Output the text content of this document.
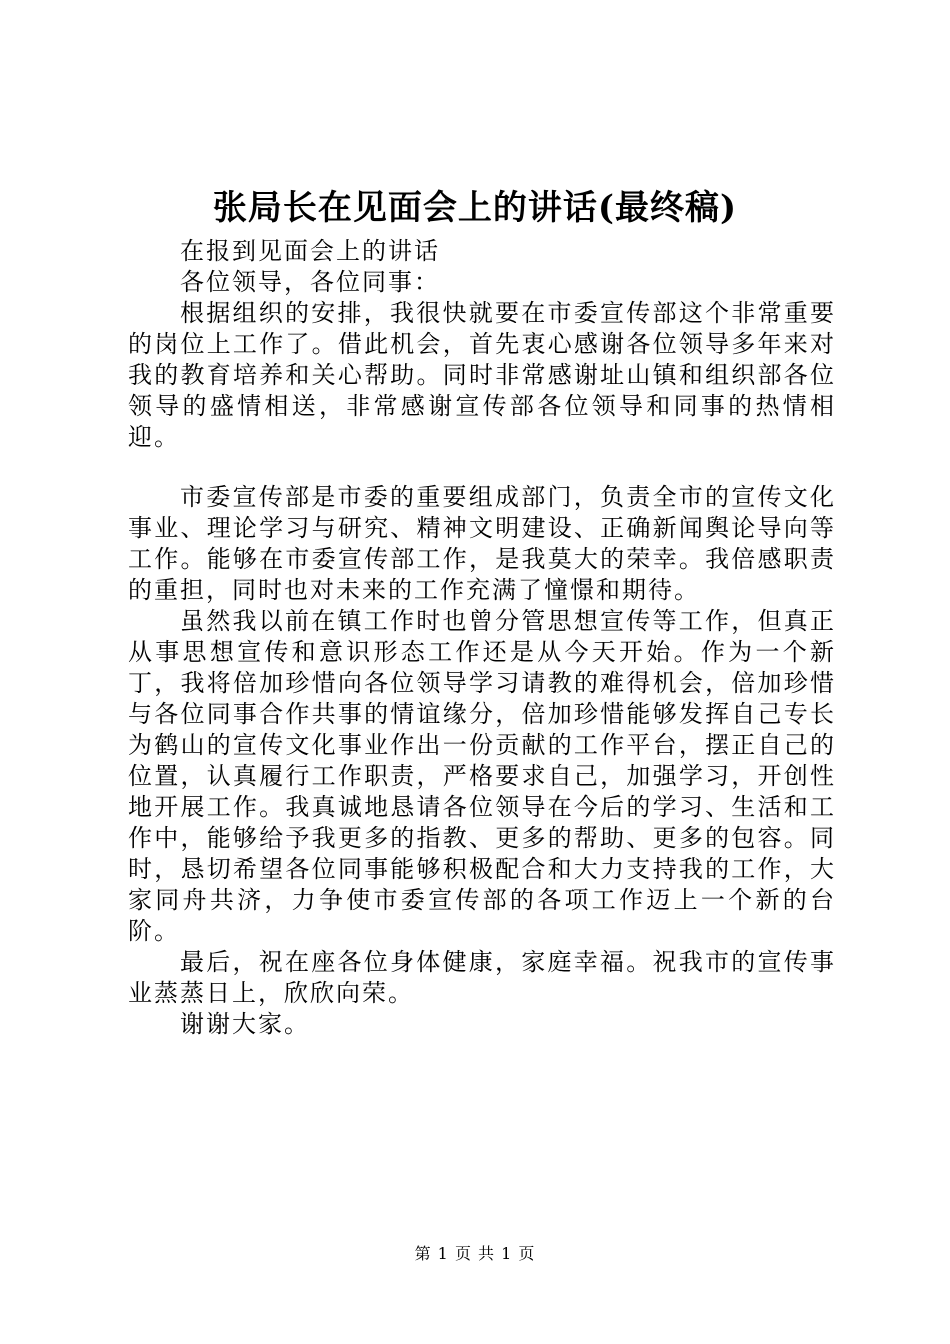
张局长在见面会上的讲话(最终稿)

在报到见面会上的讲话

各位领导，各位同事：

根据组织的安排，我很快就要在市委宣传部这个非常重要的岗位上工作了。借此机会，首先衷心感谢各位领导多年来对我的教育培养和关心帮助。同时非常感谢址山镇和组织部各位领导的盛情相送，非常感谢宣传部各位领导和同事的热情相迎。

市委宣传部是市委的重要组成部门，负责全市的宣传文化事业、理论学习与研究、精神文明建设、正确新闻舆论导向等工作。能够在市委宣传部工作，是我莫大的荣幸。我倍感职责的重担，同时也对未来的工作充满了憧憬和期待。

虽然我以前在镇工作时也曾分管思想宣传等工作，但真正从事思想宣传和意识形态工作还是从今天开始。作为一个新丁，我将倍加珍惜向各位领导学习请教的难得机会，倍加珍惜与各位同事合作共事的情谊缘分，倍加珍惜能够发挥自己专长为鹤山的宣传文化事业作出一份贡献的工作平台，摆正自己的位置，认真履行工作职责，严格要求自己，加强学习，开创性地开展工作。我真诚地恳请各位领导在今后的学习、生活和工作中，能够给予我更多的指教、更多的帮助、更多的包容。同时，恳切希望各位同事能够积极配合和大力支持我的工作，大家同舟共济，力争使市委宣传部的各项工作迈上一个新的台阶。

最后，祝在座各位身体健康，家庭幸福。祝我市的宣传事业蒸蒸日上，欣欣向荣。

谢谢大家。

第 1 页 共 1 页
